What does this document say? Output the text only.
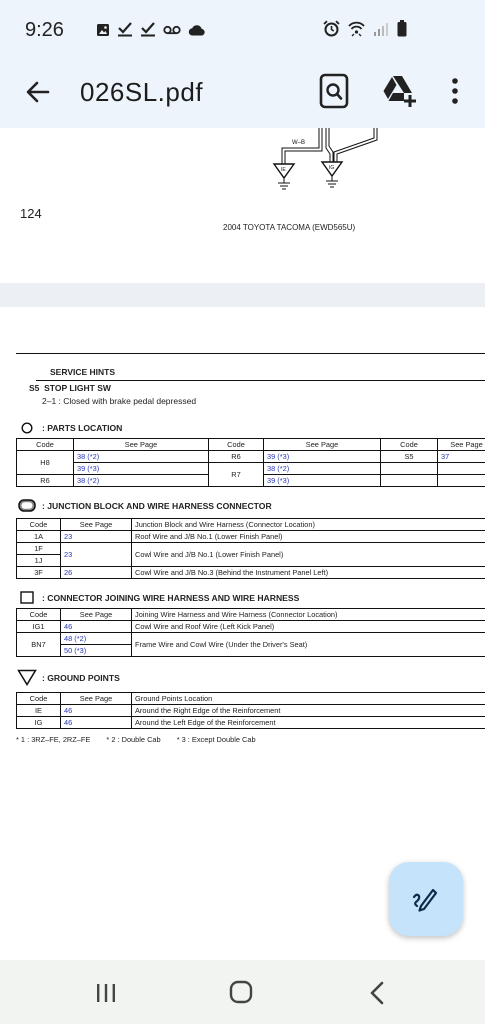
9:26
026SL.pdf
W–B
IE	IG
124
2004 TOYOTA TACOMA (EWD565U)
SERVICE HINTS
S5 STOP LIGHT SW
2–1 : Closed with brake pedal depressed
: PARTS LOCATION
Code	See Page	Code	See Page	Code	See Page
H8	38 (*2)	R6	39 (*3)	S5	37
	39 (*3)	R7	38 (*2)		
R6	38 (*2)		39 (*3)		
: JUNCTION BLOCK AND WIRE HARNESS CONNECTOR
Code	See Page	Junction Block and Wire Harness (Connector Location)
1A	23	Roof Wire and J/B No.1 (Lower Finish Panel)
1F	23	Cowl Wire and J/B No.1 (Lower Finish Panel)
1J		
3F	26	Cowl Wire and J/B No.3 (Behind the Instrument Panel Left)
: CONNECTOR JOINING WIRE HARNESS AND WIRE HARNESS
Code	See Page	Joining Wire Harness and Wire Harness (Connector Location)
IG1	46	Cowl Wire and Roof Wire (Left Kick Panel)
BN7	48 (*2)	Frame Wire and Cowl Wire (Under the Driver's Seat)
	50 (*3)	
: GROUND POINTS
Code	See Page	Ground Points Location
IE	46	Around the Right Edge of the Reinforcement
IG	46	Around the Left Edge of the Reinforcement
* 1 : 3RZ–FE, 2RZ–FE * 2 : Double Cab * 3 : Except Double Cab
